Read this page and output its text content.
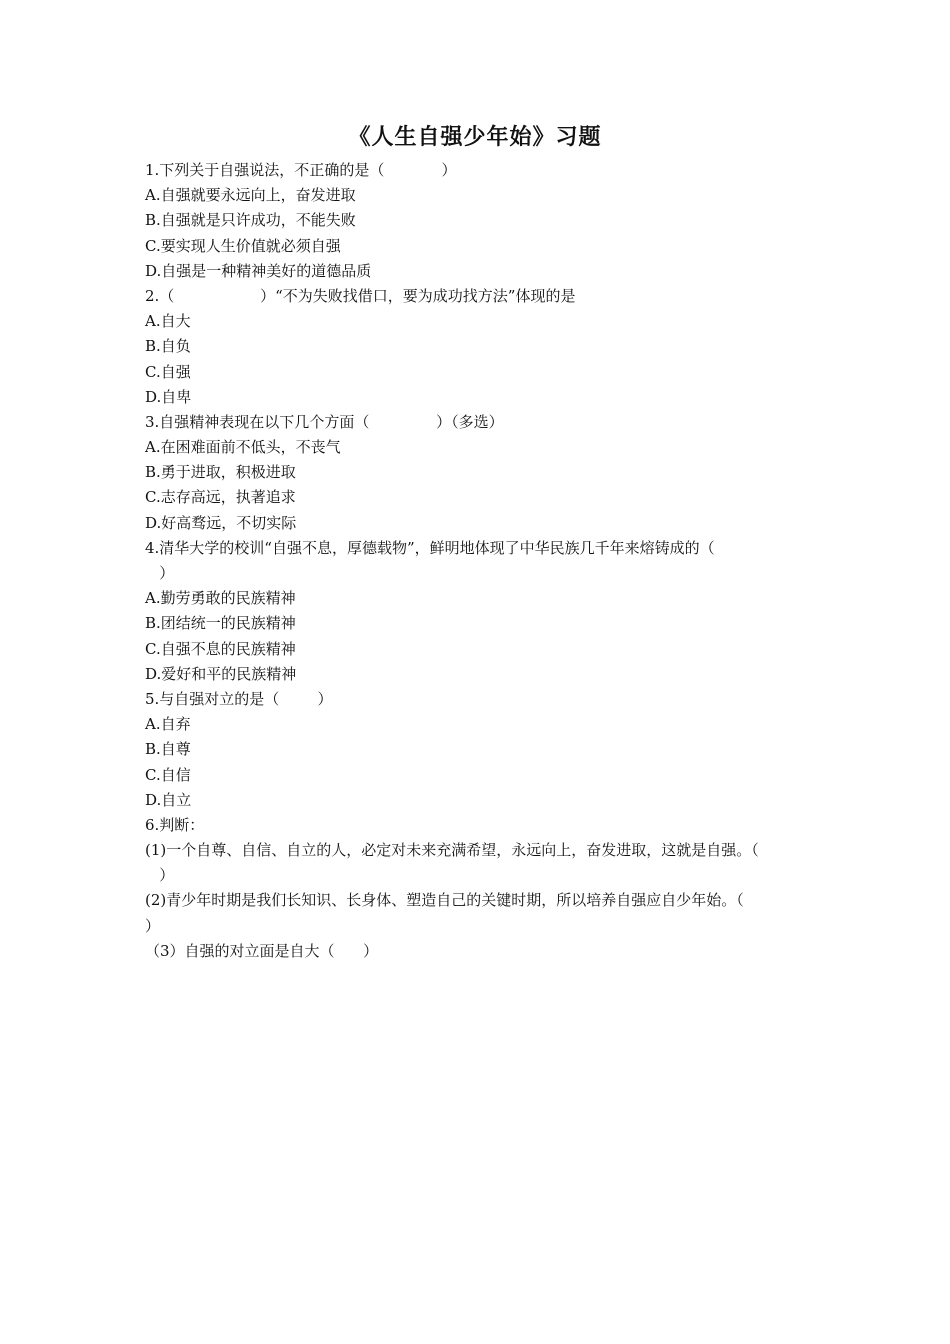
《人生自强少年始》习题
1.下列关于自强说法，不正确的是（            ）
A.自强就要永远向上，奋发进取
B.自强就是只许成功，不能失败
C.要实现人生价值就必须自强
D.自强是一种精神美好的道德品质
2.（                  ）“不为失败找借口，要为成功找方法”体现的是
A.自大
B.自负
C.自强
D.自卑
3.自强精神表现在以下几个方面（              ）（多选）
A.在困难面前不低头，不丧气
B.勇于进取，积极进取
C.志存高远，执著追求
D.好高骛远，不切实际
4.清华大学的校训“自强不息，厚德载物”，鲜明地体现了中华民族几千年来熔铸成的（
）
A.勤劳勇敢的民族精神
B.团结统一的民族精神
C.自强不息的民族精神
D.爱好和平的民族精神
5.与自强对立的是（        ）
A.自弃
B.自尊
C.自信
D.自立
6.判断：
(1)一个自尊、自信、自立的人，必定对未来充满希望，永远向上，奋发进取，这就是自强。（
）
(2)青少年时期是我们长知识、长身体、塑造自己的关键时期，所以培养自强应自少年始。（
）
（3）自强的对立面是自大（      ）
